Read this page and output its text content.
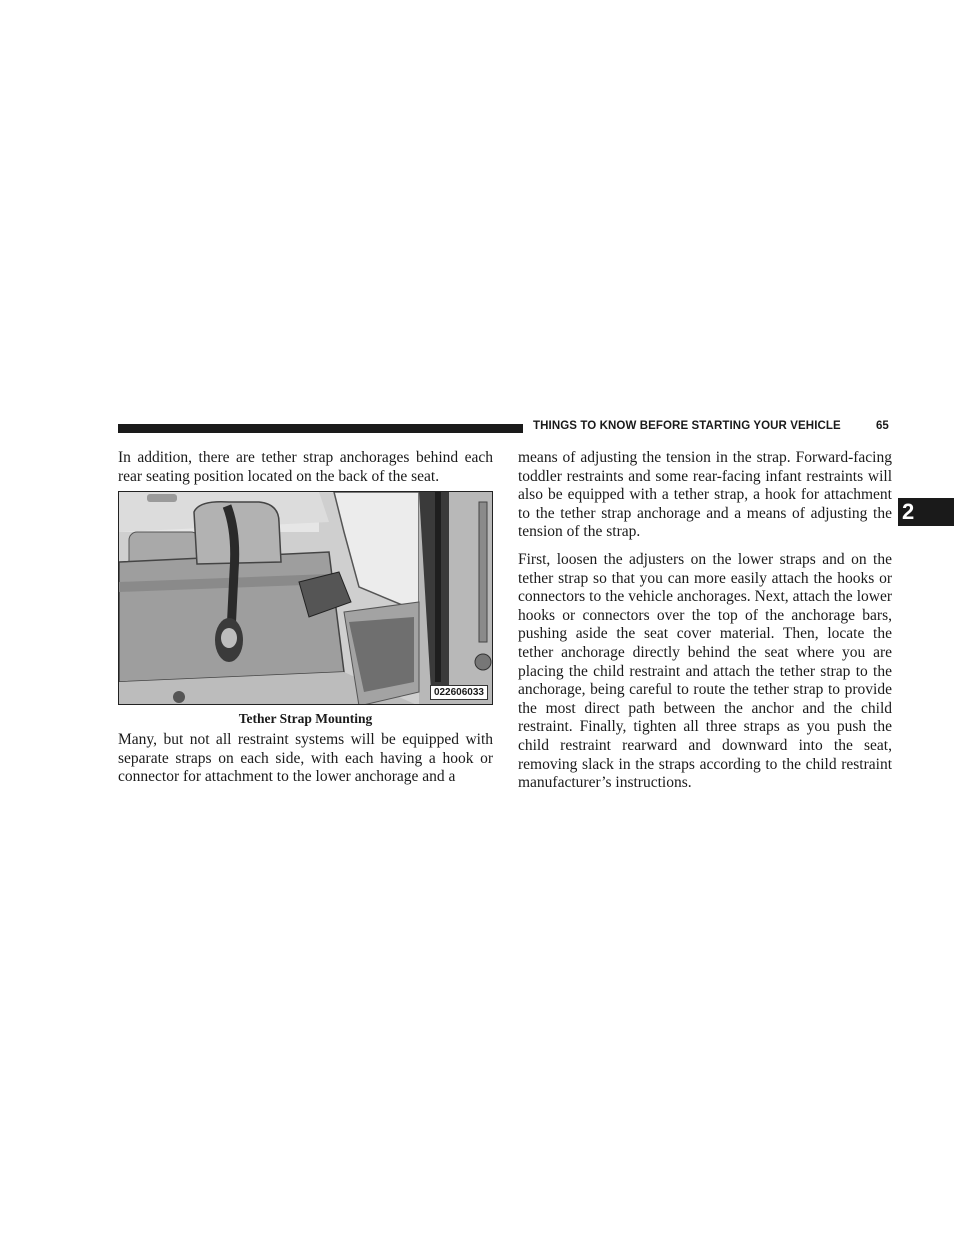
THINGS TO KNOW BEFORE STARTING YOUR VEHICLE	65
2

In addition, there are tether strap anchorages behind each rear seating position located on the back of the seat.

022606033
Tether Strap Mounting

Many, but not all restraint systems will be equipped with separate straps on each side, with each having a hook or connector for attachment to the lower anchorage and a

means of adjusting the tension in the strap. Forward-facing toddler restraints and some rear-facing infant restraints will also be equipped with a tether strap, a hook for attachment to the tether strap anchorage and a means of adjusting the tension of the strap.

First, loosen the adjusters on the lower straps and on the tether strap so that you can more easily attach the hooks or connectors to the vehicle anchorages. Next, attach the lower hooks or connectors over the top of the anchorage bars, pushing aside the seat cover material. Then, locate the tether anchorage directly behind the seat where you are placing the child restraint and attach the tether strap to the anchorage, being careful to route the tether strap to provide the most direct path between the anchor and the child restraint. Finally, tighten all three straps as you push the child restraint rearward and downward into the seat, removing slack in the straps according to the child restraint manufacturer’s instructions.
